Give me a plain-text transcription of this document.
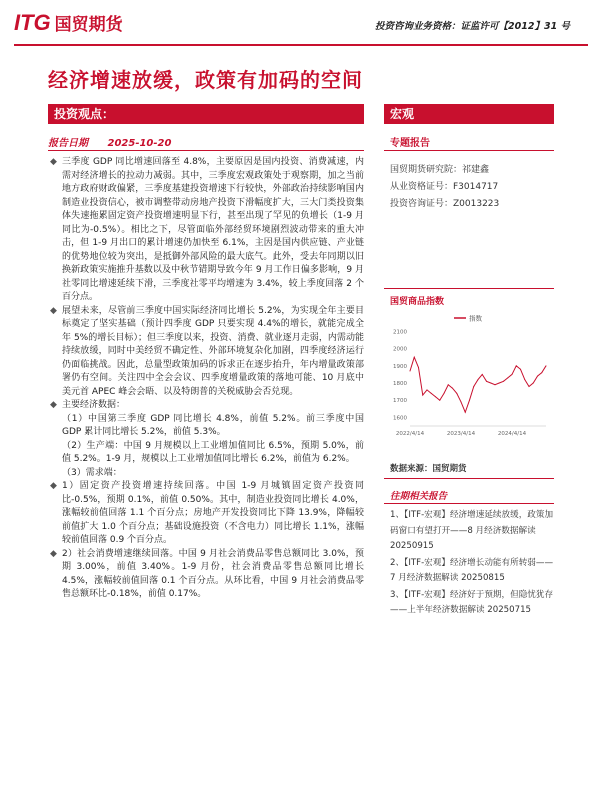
ITG 国贸期货	投资咨询业务资格：证监许可【2012】31 号
经济增速放缓，政策有加码的空间
投资观点：	宏观
报告日期 2025-10-20
◆ 三季度 GDP 同比增速回落至 4.8%，主要原因是国内投资、消费减速，内需对经济增长的拉动力减弱。其中，三季度宏观政策处于观察期，加之当前地方政府财政偏紧，三季度基建投资增速下行较快，外部政治持续影响国内制造业投资信心，被市调整带动房地产投资下滑幅度扩大，三大门类投资集体失速拖累固定资产投资增速明显下行，甚至出现了罕见的负增长（1-9 月同比为-0.5%）。相比之下，尽管面临外部经贸环境剧烈波动带来的重大冲击，但 1-9 月出口的累计增速仍加快至 6.1%，主因是国内供应链、产业链的优势地位较为突出，是抵御外部风险的最大底气。此外，受去年同期以旧换新政策实施推升基数以及中秋节错期导致今年 9 月工作日偏多影响，9 月社零同比增速延续下滑，三季度社零平均增速为 3.4%，较上季度回落 2 个百分点。
◆ 展望未来，尽管前三季度中国实际经济同比增长 5.2%，为实现全年主要目标奠定了坚实基础（预计四季度 GDP 只要实现 4.4%的增长，就能完成全年 5%的增长目标）；但三季度以来，投资、消费、就业逐月走弱，内需动能持续放缓，同时中美经贸不确定性、外部环境复杂化加剧，四季度经济运行仍面临挑战。因此，总量型政策加码的诉求正在逐步抬升，年内增量政策部署仍有空间。关注四中全会会议、四季度增量政策的落地可能、10 月底中美元首 APEC 峰会会晤、以及特朗普的关税威胁会否兑现。
◆ 主要经济数据：
（1）中国第三季度 GDP 同比增长 4.8%，前值 5.2%。前三季度中国 GDP 累计同比增长 5.2%，前值 5.3%。
（2）生产端：中国 9 月规模以上工业增加值同比 6.5%，预期 5.0%，前值 5.2%。1-9 月，规模以上工业增加值同比增长 6.2%，前值为 6.2%。
（3）需求端：
◆ 1）固定资产投资增速持续回落。中国 1-9 月城镇固定资产投资同比-0.5%，预期 0.1%，前值 0.50%。其中，制造业投资同比增长 4.0%，涨幅较前值回落 1.1 个百分点；房地产开发投资同比下降 13.9%，降幅较前值扩大 1.0 个百分点；基础设施投资（不含电力）同比增长 1.1%，涨幅较前值回落 0.9 个百分点。
◆ 2）社会消费增速继续回落。中国 9 月社会消费品零售总额同比 3.0%，预期 3.00%，前值 3.40%。1-9 月份，社会消费品零售总额同比增长 4.5%，涨幅较前值回落 0.1 个百分点。从环比看，中国 9 月社会消费品零售总额环比-0.18%，前值 0.17%。
专题报告
国贸期货研究院：祁建鑫
从业资格证号：F3014717
投资咨询证号：Z0013223
国贸商品指数
指数
1600
1700
1800
1900
2000
2100
2022/4/14	2023/4/14	2024/4/14
数据来源：国贸期货
往期相关报告
1、【ITF-宏观】经济增速延续放缓，政策加码窗口有望打开——8 月经济数据解读 20250915
2、【ITF-宏观】经济增长动能有所转弱——7 月经济数据解读 20250815
3、【ITF-宏观】经济好于预期，但隐忧犹存——上半年经济数据解读 20250715
